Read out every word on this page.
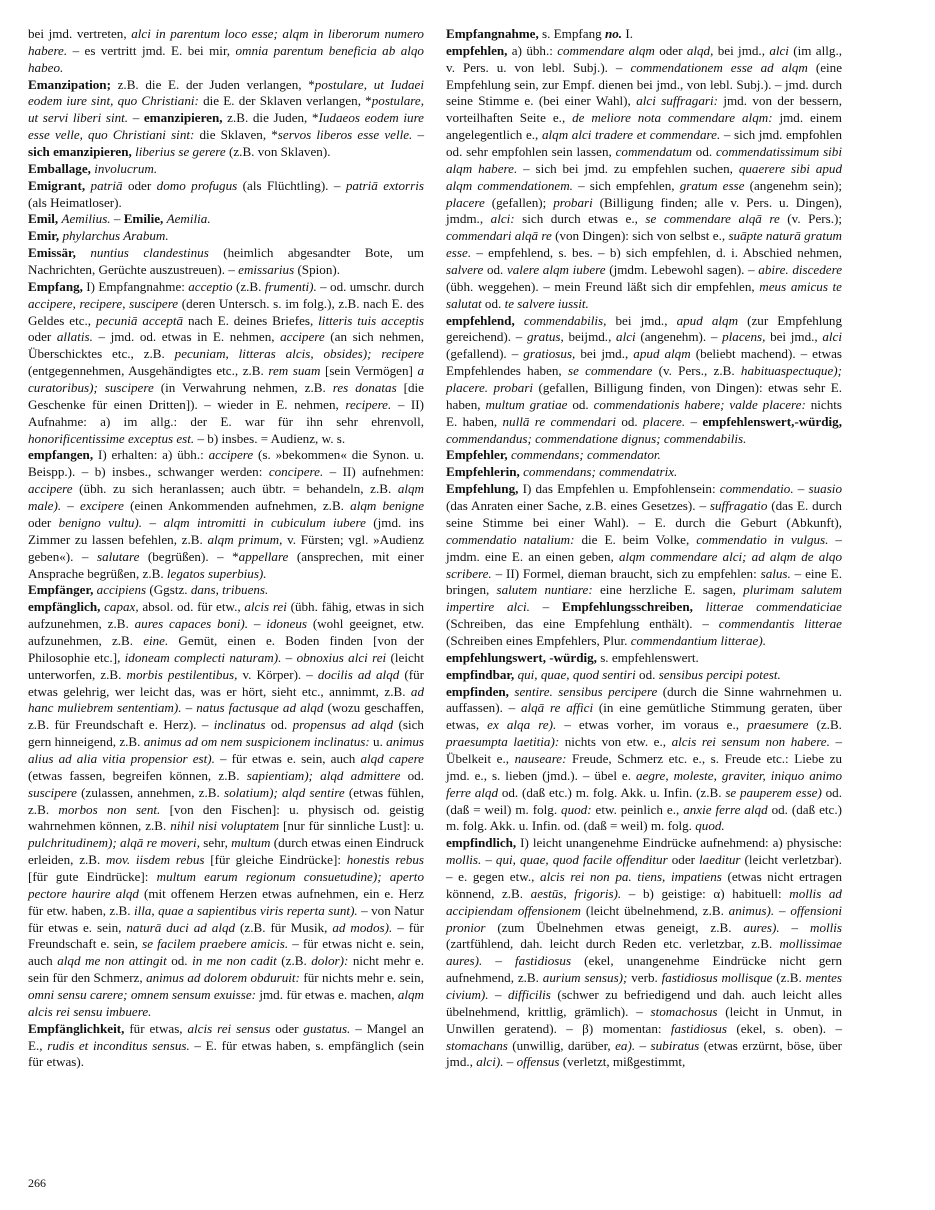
bei jmd. vertreten, alci in parentum loco esse; alqm in liberorum numero habere. – es vertritt jmd. E. bei mir, omnia parentum beneficia ab alqo habeo.

Emanzipation; z.B. die E. der Juden verlangen, *postulare, ut Iudaei eodem iure sint, quo Christiani: die E. der Sklaven verlangen, *postulare, ut servi liberi sint. – emanzipieren, z.B. die Juden, *Iudaeos eodem iure esse velle, quo Christiani sint: die Sklaven, *servos liberos esse velle. – sich emanzipieren, liberius se gerere (z.B. von Sklaven).

Emballage, involucrum.

Emigrant, patriā oder domo profugus (als Flüchtling). – patriā extorris (als Heimatloser).

Emil, Aemilius. – Emilie, Aemilia.

Emir, phylarchus Arabum.

Emissär, nuntius clandestinus (heimlich abgesandter Bote, um Nachrichten, Gerüchte auszustreuen). – emissarius (Spion).

Empfang, I) Empfangnahme: acceptio (z.B. frumenti). – od. umschr. durch accipere, recipere, suscipere (deren Untersch. s. im folg.), z.B. nach E. des Geldes etc., pecuniā acceptā nach E. deines Briefes, litteris tuis acceptis oder allatis. – jmd. od. etwas in E. nehmen, accipere (an sich nehmen, Überschicktes etc., z.B. pecuniam, litteras alcis, obsides); recipere (entgegennehmen, Ausgehändigtes etc., z.B. rem suam [sein Vermögen] a curatoribus); suscipere (in Verwahrung nehmen, z.B. res donatas [die Geschenke für einen Dritten]). – wieder in E. nehmen, recipere. – II) Aufnahme: a) im allg.: der E. war für ihn sehr ehrenvoll, honorificentissime exceptus est. – b) insbes. = Audienz, w. s.

empfangen, I) erhalten: a) übh.: accipere (s. »bekommen« die Synon. u. Beispp.). – b) insbes., schwanger werden: concipere. – II) aufnehmen: accipere (übh. zu sich heranlassen; auch übtr. = behandeln, z.B. alqm male). – excipere (einen Ankommenden aufnehmen, z.B. alqm benigne oder benigno vultu). – alqm intromitti in cubiculum iubere (jmd. ins Zimmer zu lassen befehlen, z.B. alqm primum, v. Fürsten; vgl. »Audienz geben«). – salutare (begrüßen). – *appellare (ansprechen, mit einer Ansprache begrüßen, z.B. legatos superbius).

Empfänger, accipiens (Ggstz. dans, tribuens.

empfänglich, capax, absol. od. für etw., alcis rei (übh. fähig, etwas in sich aufzunehmen, z.B. aures capaces boni). – idoneus (wohl geeignet, etw. aufzunehmen, z.B. eine. Gemüt, einen e. Boden finden [von der Philosophie etc.], idoneam complecti naturam). – obnoxius alci rei (leicht unterworfen, z.B. morbis pestilentibus, v. Körper). – docilis ad alqd (für etwas gelehrig, wer leicht das, was er hört, sieht etc., annimmt, z.B. ad hanc muliebrem sententiam). – natus factusque ad alqd (wozu geschaffen, z.B. für Freundschaft e. Herz). – inclinatus od. propensus ad alqd (sich gern hinneigend, z.B. animus ad om nem suspicionem inclinatus: u. animus alius ad alia vitia propensior est). – für etwas e. sein, auch alqd capere (etwas fassen, begreifen können, z.B. sapientiam); alqd admittere od. suscipere (zulassen, annehmen, z.B. solatium); alqd sentire (etwas fühlen, z.B. morbos non sent. [von den Fischen]: u. physisch od. geistig wahrnehmen können, z.B. nihil nisi voluptatem [nur für sinnliche Lust]: u. pulchritudinem); alqā re moveri, sehr, multum (durch etwas einen Eindruck erleiden, z.B. mov. iisdem rebus [für gleiche Eindrücke]: honestis rebus [für gute Eindrücke]: multum earum regionum consuetudine); aperto pectore haurire alqd (mit offenem Herzen etwas aufnehmen, ein e. Herz für etw. haben, z.B. illa, quae a sapientibus viris reperta sunt). – von Natur für etwas e. sein, naturā duci ad alqd (z.B. für Musik, ad modos). – für Freundschaft e. sein, se facilem praebere amicis. – für etwas nicht e. sein, auch alqd me non attingit od. in me non cadit (z.B. dolor): nicht mehr e. sein für den Schmerz, animus ad dolorem obduruit: für nichts mehr e. sein, omni sensu carere; omnem sensum exuisse: jmd. für etwas e. machen, alqm alcis rei sensu imbuere.

Empfänglichkeit, für etwas, alcis rei sensus oder gustatus. – Mangel an E., rudis et inconditus sensus. – E. für etwas haben, s. empfänglich (sein für etwas).

Empfangnahme, s. Empfang no. I.

empfehlen, a) übh.: commendare alqm oder alqd, bei jmd., alci (im allg., v. Pers. u. von lebl. Subj.). – commendationem esse ad alqm (eine Empfehlung sein, zur Empf. dienen bei jmd., von lebl. Subj.). – jmd. durch seine Stimme e. (bei einer Wahl), alci suffragari: jmd. von der bessern, vorteilhaften Seite e., de meliore nota commendare alqm: jmd. einem angelegentlich e., alqm alci tradere et commendare. – sich jmd. empfohlen od. sehr empfohlen sein lassen, commendatum od. commendatissimum sibi alqm habere. – sich bei jmd. zu empfehlen suchen, quaerere sibi apud alqm commendationem. – sich empfehlen, gratum esse (angenehm sein); placere (gefallen); probari (Billigung finden; alle v. Pers. u. Dingen), jmdm., alci: sich durch etwas e., se commendare alqā re (v. Pers.); commendari alqā re (von Dingen): sich von selbst e., suāpte naturā gratum esse. – empfehlend, s. bes. – b) sich empfehlen, d. i. Abschied nehmen, salvere od. valere alqm iubere (jmdm. Lebewohl sagen). – abire. discedere (übh. weggehen). – mein Freund läßt sich dir empfehlen, meus amicus te salutat od. te salvere iussit.

empfehlend, commendabilis, bei jmd., apud alqm (zur Empfehlung gereichend). – gratus, beijmd., alci (angenehm). – placens, bei jmd., alci (gefallend). – gratiosus, bei jmd., apud alqm (beliebt machend). – etwas Empfehlendes haben, se commendare (v. Pers., z.B. habituaspectuque); placere. probari (gefallen, Billigung finden, von Dingen): etwas sehr E. haben, multum gratiae od. commendationis habere; valde placere: nichts E. haben, nullā re commendari od. placere. – empfehlenswert,-würdig, commendandus; commendatione dignus; commendabilis.

Empfehler, commendans; commendator.

Empfehlerin, commendans; commendatrix.

Empfehlung, I) das Empfehlen u. Empfohlensein: commendatio. – suasio (das Anraten einer Sache, z.B. eines Gesetzes). – suffragatio (das E. durch seine Stimme bei einer Wahl). – E. durch die Geburt (Abkunft), commendatio natalium: die E. beim Volke, commendatio in vulgus. – jmdm. eine E. an einen geben, alqm commendare alci; ad alqm de alqo scribere. – II) Formel, dieman braucht, sich zu empfehlen: salus. – eine E. bringen, salutem nuntiare: eine herzliche E. sagen, plurimam salutem impertire alci. – Empfehlungsschreiben, litterae commendaticiae (Schreiben, das eine Empfehlung enthält). – commendantis litterae (Schreiben eines Empfehlers, Plur. commendantium litterae).

empfehlungswert, -würdig, s. empfehlenswert.

empfindbar, qui, quae, quod sentiri od. sensibus percipi potest.

empfinden, sentire. sensibus percipere (durch die Sinne wahrnehmen u. auffassen). – alqā re affici (in eine gemütliche Stimmung geraten, über etwas, ex alqa re). – etwas vorher, im voraus e., praesumere (z.B. praesumpta laetitia): nichts von etw. e., alcis rei sensum non habere. – Übelkeit e., nauseare: Freude, Schmerz etc. e., s. Freude etc.: Liebe zu jmd. e., s. lieben (jmd.). – übel e. aegre, moleste, graviter, iniquo animo ferre alqd od. (daß etc.) m. folg. Akk. u. Infin. (z.B. se pauperem esse) od. (daß = weil) m. folg. quod: etw. peinlich e., anxie ferre alqd od. (daß etc.) m. folg. Akk. u. Infin. od. (daß = weil) m. folg. quod.

empfindlich, I) leicht unangenehme Eindrücke aufnehmend: a) physische: mollis. – qui, quae, quod facile offenditur oder laeditur (leicht verletzbar). – e. gegen etw., alcis rei non pa. tiens, impatiens (etwas nicht ertragen könnend, z.B. aestūs, frigoris). – b) geistige: α) habituell: mollis ad accipiendam offensionem (leicht übelnehmend, z.B. animus). – offensioni pronior (zum Übelnehmen etwas geneigt, z.B. aures). – mollis (zartfühlend, dah. leicht durch Reden etc. verletzbar, z.B. mollissimae aures). – fastidiosus (ekel, unangenehme Eindrücke nicht gern aufnehmend, z.B. aurium sensus); verb. fastidiosus mollisque (z.B. mentes civium). – difficilis (schwer zu befriedigend und dah. auch leicht alles übelnehmend, krittlig, grämlich). – stomachosus (leicht in Unmut, in Unwillen geratend). – β) momentan: fastidiosus (ekel, s. oben). – stomachans (unwillig, darüber, ea). – subiratus (etwas erzürnt, böse, über jmd., alci). – offensus (verletzt, mißgestimmt,

266
